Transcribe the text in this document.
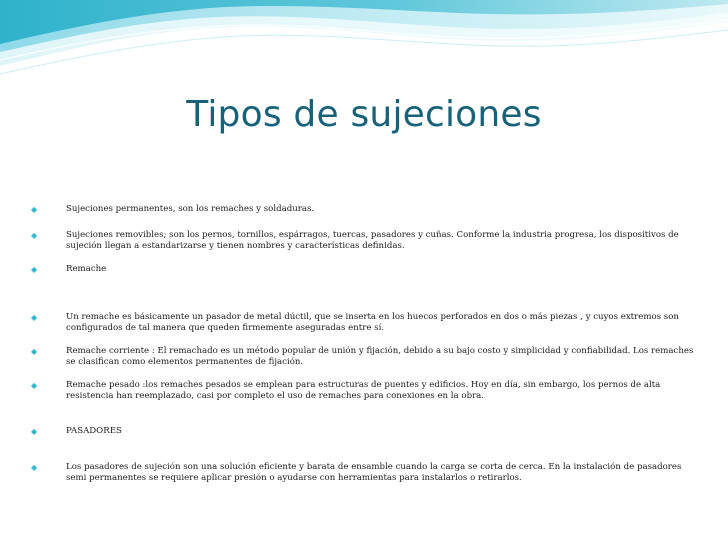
Tipos de sujeciones
◆	Sujeciones permanentes, son los remaches y soldaduras.
◆	Sujeciones removibles; son los pernos, tornillos, espárragos, tuercas, pasadores y cuñas. Conforme la industria progresa, los dispositivos de sujeción llegan a estandarizarse y tienen nombres y características definidas.
◆	Remache
◆	Un remache es básicamente un pasador de metal dúctil, que se inserta en los huecos perforados en dos o más piezas , y cuyos extremos son configurados de tal manera que queden firmemente aseguradas entre sí.
◆	Remache corriente : El remachado es un método popular de unión y fijación, debido a su bajo costo y simplicidad y confiabilidad. Los remaches se clasifican como elementos permanentes de fijación.
◆	Remache pesado :los remaches pesados se emplean para estructuras de puentes y edificios. Hoy en día, sin embargo, los pernos de alta resistencia han reemplazado, casi por completo el uso de remaches para conexiones en la obra.
◆	PASADORES
◆	Los pasadores de sujeción son una solución eficiente y barata de ensamble cuando la carga se corta de cerca. En la instalación de pasadores semi permanentes se requiere aplicar presión o ayudarse con herramientas para instalarlos o retirarlos.
